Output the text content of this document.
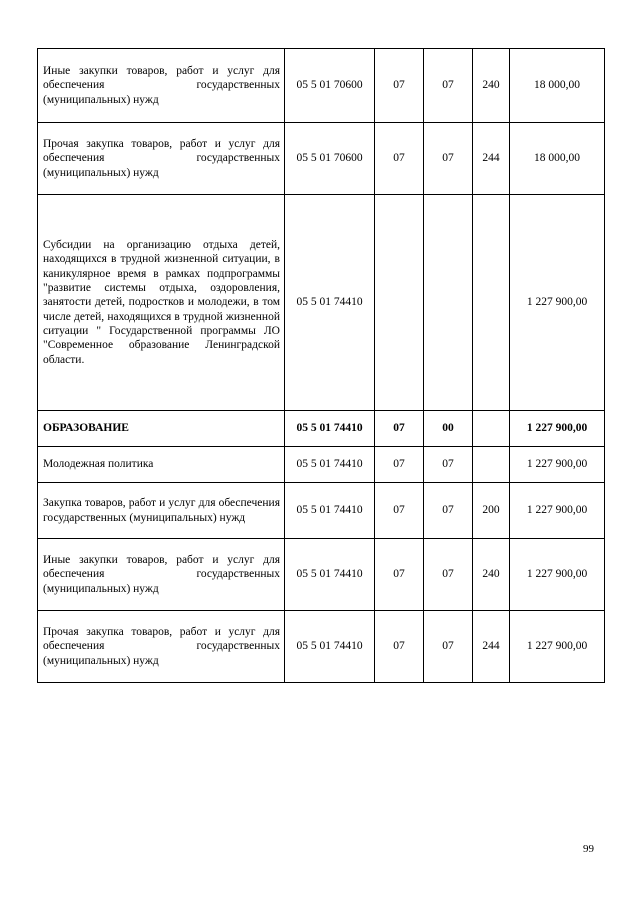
Иные закупки товаров, работ и услуг для обеспечения государственных (муниципальных) нужд	05 5 01 70600	07	07	240	18 000,00
Прочая закупка товаров, работ и услуг для обеспечения государственных (муниципальных) нужд	05 5 01 70600	07	07	244	18 000,00
Субсидии на организацию отдыха детей, находящихся в трудной жизненной ситуации, в каникулярное время в рамках подпрограммы "развитие системы отдыха, оздоровления, занятости детей, подростков и молодежи, в том числе детей, находящихся в трудной жизненной ситуации " Государственной программы ЛО "Современное образование Ленинградской области.	05 5 01 74410				1 227 900,00
ОБРАЗОВАНИЕ	05 5 01 74410	07	00		1 227 900,00
Молодежная политика	05 5 01 74410	07	07		1 227 900,00
Закупка товаров, работ и услуг для обеспечения государственных (муниципальных) нужд	05 5 01 74410	07	07	200	1 227 900,00
Иные закупки товаров, работ и услуг для обеспечения государственных (муниципальных) нужд	05 5 01 74410	07	07	240	1 227 900,00
Прочая закупка товаров, работ и услуг для обеспечения государственных (муниципальных) нужд	05 5 01 74410	07	07	244	1 227 900,00
99
